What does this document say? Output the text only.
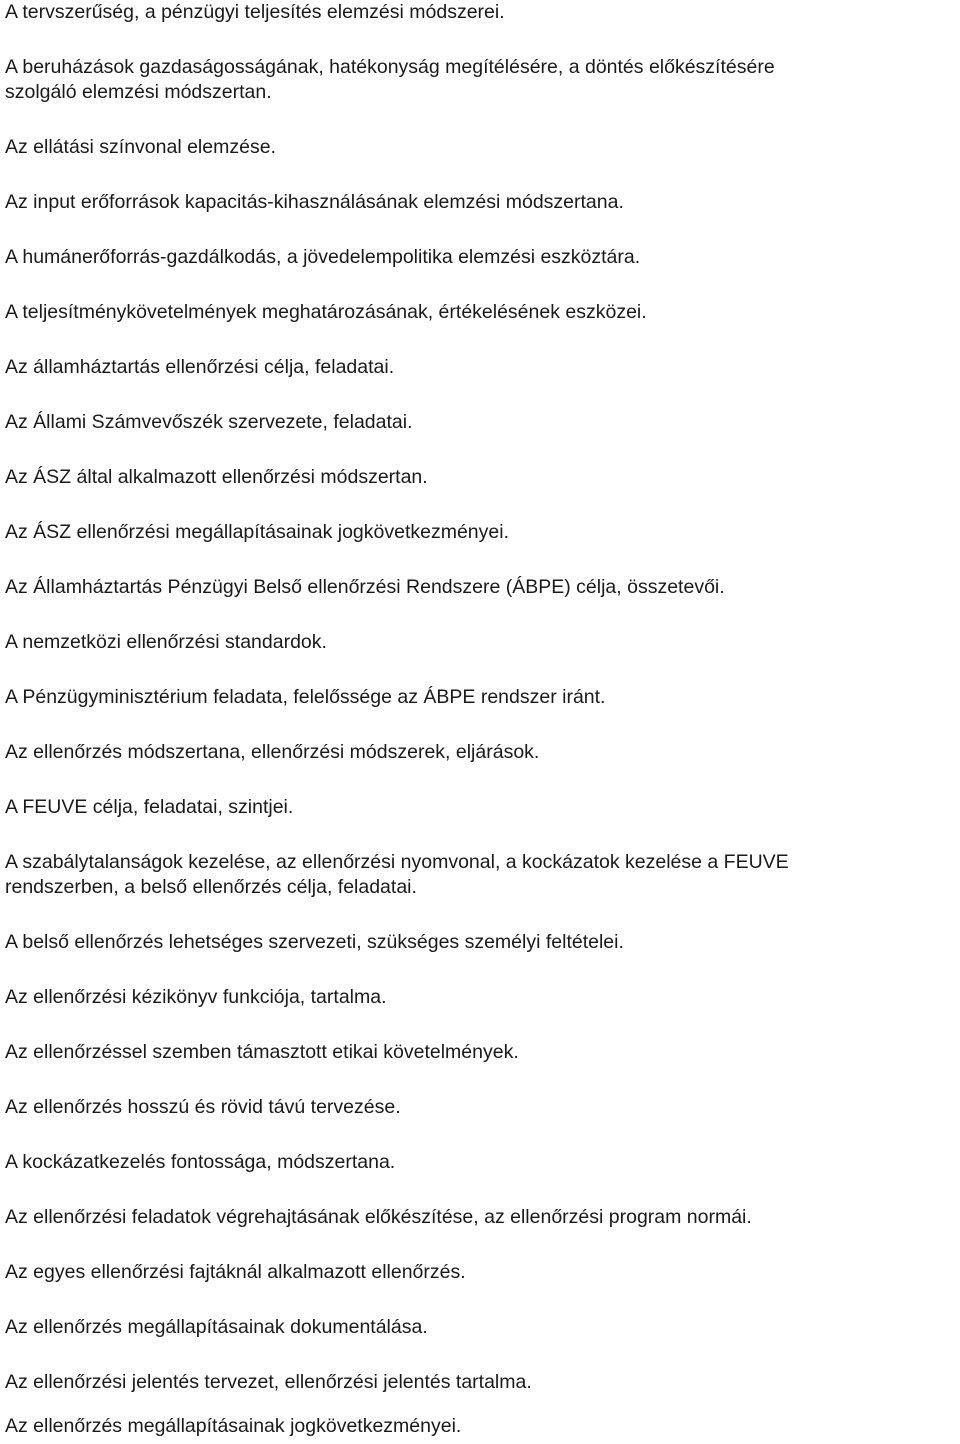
A tervszerűség, a pénzügyi teljesítés elemzési módszerei.

A beruházások gazdaságosságának, hatékonyság megítélésére, a döntés előkészítésére

szolgáló elemzési módszertan.

Az ellátási színvonal elemzése.

Az input erőforrások kapacitás-kihasználásának elemzési módszertana.

A humánerőforrás-gazdálkodás, a jövedelempolitika elemzési eszköztára.

A teljesítménykövetelmények meghatározásának, értékelésének eszközei.

Az államháztartás ellenőrzési célja, feladatai.

Az Állami Számvevőszék szervezete, feladatai.

Az ÁSZ által alkalmazott ellenőrzési módszertan.

Az ÁSZ ellenőrzési megállapításainak jogkövetkezményei.

Az Államháztartás Pénzügyi Belső ellenőrzési Rendszere (ÁBPE) célja, összetevői.

A nemzetközi ellenőrzési standardok.

A Pénzügyminisztérium feladata, felelőssége az ÁBPE rendszer iránt.

Az ellenőrzés módszertana, ellenőrzési módszerek, eljárások.

A FEUVE célja, feladatai, szintjei.

A szabálytalanságok kezelése, az ellenőrzési nyomvonal, a kockázatok kezelése a FEUVE

rendszerben, a belső ellenőrzés célja, feladatai.

A belső ellenőrzés lehetséges szervezeti, szükséges személyi feltételei.

Az ellenőrzési kézikönyv funkciója, tartalma.

Az ellenőrzéssel szemben támasztott etikai követelmények.

Az ellenőrzés hosszú és rövid távú tervezése.

A kockázatkezelés fontossága, módszertana.

Az ellenőrzési feladatok végrehajtásának előkészítése, az ellenőrzési program normái.

Az egyes ellenőrzési fajtáknál alkalmazott ellenőrzés.

Az ellenőrzés megállapításainak dokumentálása.

Az ellenőrzési jelentés tervezet, ellenőrzési jelentés tartalma.

Az ellenőrzés megállapításainak jogkövetkezményei.
